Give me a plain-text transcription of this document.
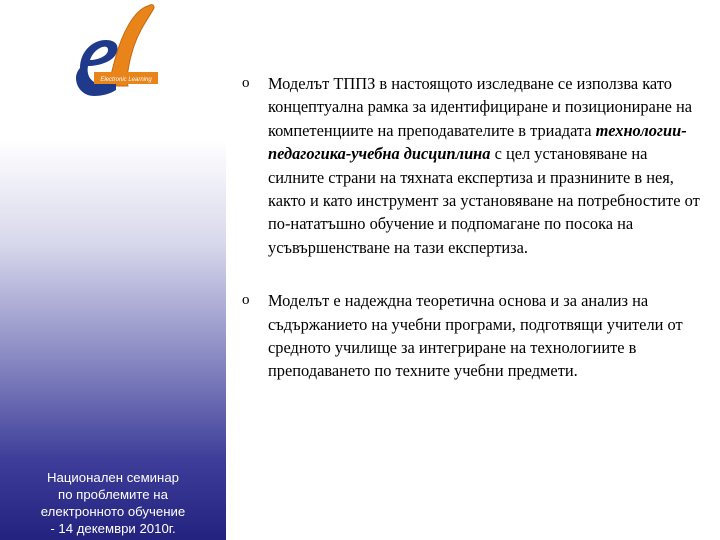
Electronic Learning
Национален семинар
по проблемите на
електронното обучение
- 14 декември 2010г.
o Моделът ТППЗ в настоящото изследване се използва като концептуална рамка за идентифициране и позициониране на компетенциите на преподавателите в триадата технологии-педагогика-учебна дисциплина с цел установяване на силните страни на тяхната експертиза и празнините в нея, както и като инструмент за установяване на потребностите от по-нататъшно обучение и подпомагане по посока на усъвършенстване на тази експертиза.
o Моделът е надеждна теоретична основа и за анализ на съдържанието на учебни програми, подготвящи учители от средното училище за интегриране на технологиите в преподаването по техните учебни предмети.
